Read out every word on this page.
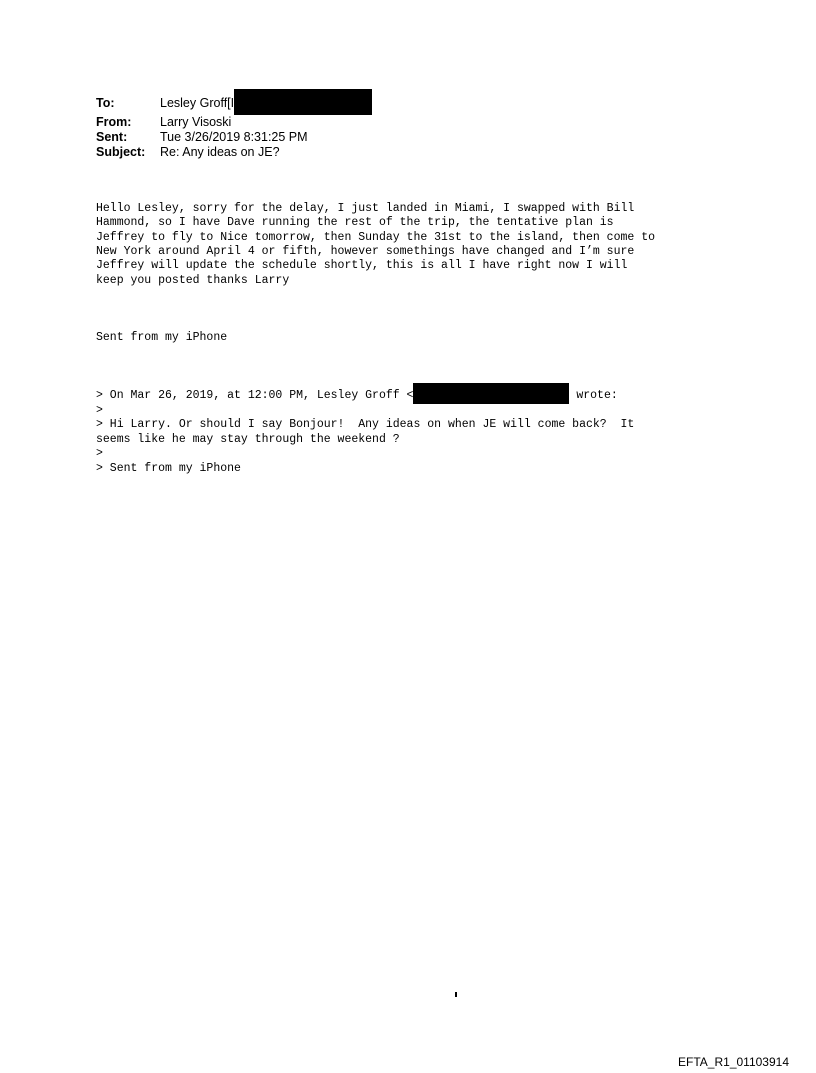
To:	Lesley Groff[I
From:	Larry Visoski
Sent:	Tue 3/26/2019 8:31:25 PM
Subject:	Re: Any ideas on JE?

Hello Lesley, sorry for the delay, I just landed in Miami, I swapped with Bill
Hammond, so I have Dave running the rest of the trip, the tentative plan is
Jeffrey to fly to Nice tomorrow, then Sunday the 31st to the island, then come to
New York around April 4 or fifth, however somethings have changed and I’m sure
Jeffrey will update the schedule shortly, this is all I have right now I will
keep you posted thanks Larry

Sent from my iPhone

> On Mar 26, 2019, at 12:00 PM, Lesley Groff <	wrote:
>
> Hi Larry. Or should I say Bonjour!  Any ideas on when JE will come back?  It
seems like he may stay through the weekend ?
>
> Sent from my iPhone

EFTA_R1_01103914
